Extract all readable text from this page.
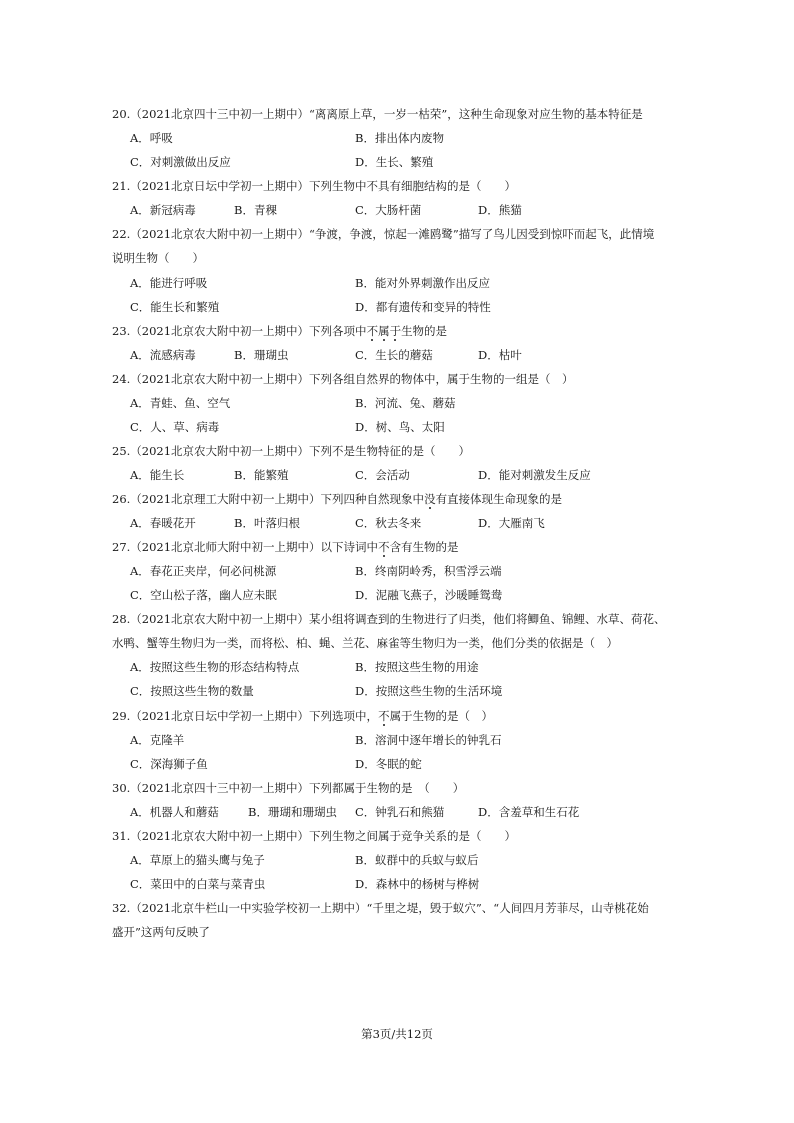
20.（2021北京四十三中初一上期中）“离离原上草，一岁一枯荣”，这种生命现象对应生物的基本特征是
A．呼吸	B．排出体内废物
C．对刺激做出反应	D．生长、繁殖
21.（2021北京日坛中学初一上期中）下列生物中不具有细胞结构的是（　　）
A．新冠病毒	B．青稞	C．大肠杆菌	D．熊猫
22.（2021北京农大附中初一上期中）“争渡，争渡，惊起一滩鸥鹭”描写了鸟儿因受到惊吓而起飞，此情境
说明生物（　　）
A．能进行呼吸	B．能对外界刺激作出反应
C．能生长和繁殖	D．都有遗传和变异的特性
23.（2021北京农大附中初一上期中）下列各项中不属于生物的是
A．流感病毒	B．珊瑚虫	C．生长的蘑菇	D．枯叶
24.（2021北京农大附中初一上期中）下列各组自然界的物体中，属于生物的一组是（　）
A．青蛙、鱼、空气	B．河流、兔、蘑菇
C．人、草、病毒	D．树、鸟、太阳
25.（2021北京农大附中初一上期中）下列不是生物特征的是（　　）
A．能生长	B．能繁殖	C．会活动	D．能对刺激发生反应
26.（2021北京理工大附中初一上期中）下列四种自然现象中没有直接体现生命现象的是
A．春暖花开	B．叶落归根	C．秋去冬来	D．大雁南飞
27.（2021北京北师大附中初一上期中）以下诗词中不含有生物的是
A．春花正夹岸，何必问桃源	B．终南阴岭秀，积雪浮云端
C．空山松子落，幽人应未眠	D．泥融飞燕子，沙暖睡鸳鸯
28.（2021北京农大附中初一上期中）某小组将调查到的生物进行了归类，他们将鲫鱼、锦鲤、水草、荷花、
水鸭、蟹等生物归为一类，而将松、柏、蝇、兰花、麻雀等生物归为一类，他们分类的依据是（　）
A．按照这些生物的形态结构特点	B．按照这些生物的用途
C．按照这些生物的数量	D．按照这些生物的生活环境
29.（2021北京日坛中学初一上期中）下列选项中，不属于生物的是（　）
A．克隆羊	B．溶洞中逐年增长的钟乳石
C．深海狮子鱼	D．冬眠的蛇
30.（2021北京四十三中初一上期中）下列都属于生物的是　（　　）
A．机器人和蘑菇	B．珊瑚和珊瑚虫 C．钟乳石和熊猫	D．含羞草和生石花
31.（2021北京农大附中初一上期中）下列生物之间属于竞争关系的是（　　）
A．草原上的猫头鹰与兔子	B．蚁群中的兵蚁与蚁后
C．菜田中的白菜与菜青虫	D．森林中的杨树与桦树
32.（2021北京牛栏山一中实验学校初一上期中）“千里之堤，毁于蚁穴”、“人间四月芳菲尽，山寺桃花始
盛开”这两句反映了
第3页/共12页
